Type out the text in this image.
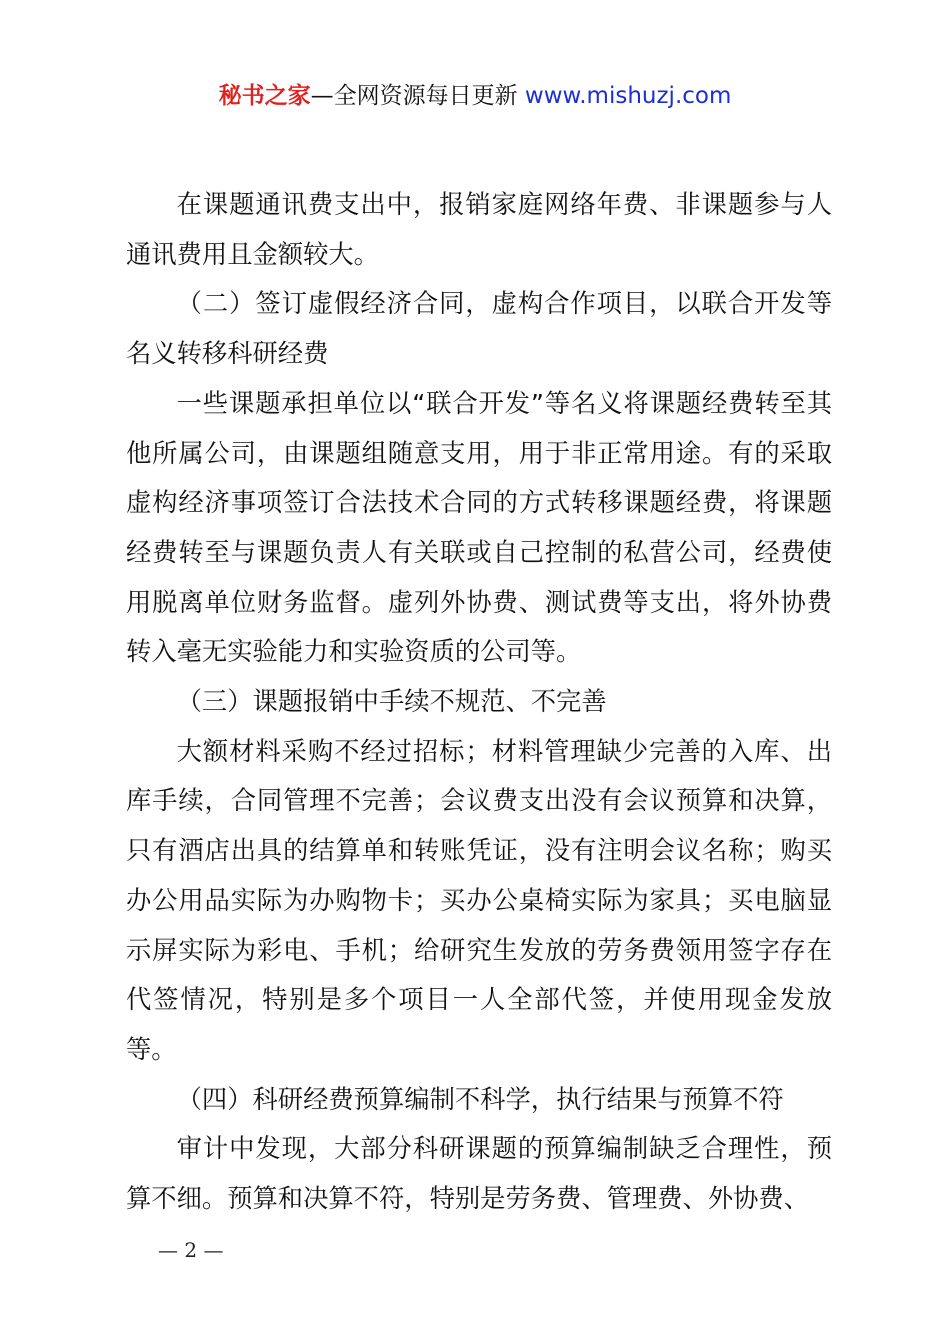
秘书之家—全网资源每日更新 www.mishuzj.com

在课题通讯费支出中，报销家庭网络年费、非课题参与人通讯费用且金额较大。

（二）签订虚假经济合同，虚构合作项目，以联合开发等名义转移科研经费

一些课题承担单位以“联合开发”等名义将课题经费转至其他所属公司，由课题组随意支用，用于非正常用途。有的采取虚构经济事项签订合法技术合同的方式转移课题经费，将课题经费转至与课题负责人有关联或自己控制的私营公司，经费使用脱离单位财务监督。虚列外协费、测试费等支出，将外协费转入毫无实验能力和实验资质的公司等。

（三）课题报销中手续不规范、不完善

大额材料采购不经过招标；材料管理缺少完善的入库、出库手续，合同管理不完善；会议费支出没有会议预算和决算，只有酒店出具的结算单和转账凭证，没有注明会议名称；购买办公用品实际为办购物卡；买办公桌椅实际为家具；买电脑显示屏实际为彩电、手机；给研究生发放的劳务费领用签字存在代签情况，特别是多个项目一人全部代签，并使用现金发放等。

（四）科研经费预算编制不科学，执行结果与预算不符

审计中发现，大部分科研课题的预算编制缺乏合理性，预算不细。预算和决算不符，特别是劳务费、管理费、外协费、

— 2 —
